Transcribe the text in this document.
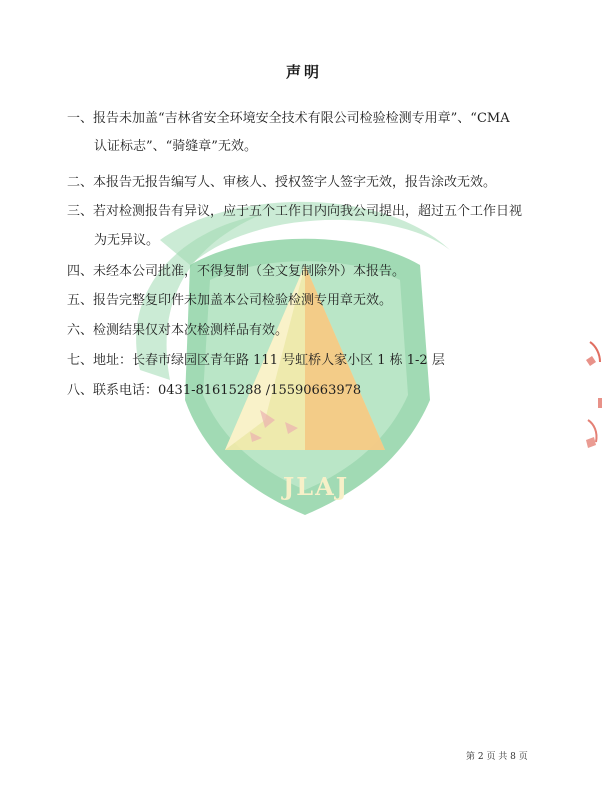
JLAJ
声明
一、报告未加盖“吉林省安全环境安全技术有限公司检验检测专用章”、“CMA
认证标志”、“骑缝章”无效。
二、本报告无报告编写人、审核人、授权签字人签字无效，报告涂改无效。
三、若对检测报告有异议，应于五个工作日内向我公司提出，超过五个工作日视
为无异议。
四、未经本公司批准，不得复制（全文复制除外）本报告。
五、报告完整复印件未加盖本公司检验检测专用章无效。
六、检测结果仅对本次检测样品有效。
七、地址：长春市绿园区青年路 111 号虹桥人家小区 1 栋 1-2 层
八、联系电话：0431-81615288 /15590663978
第 2 页 共 8 页
